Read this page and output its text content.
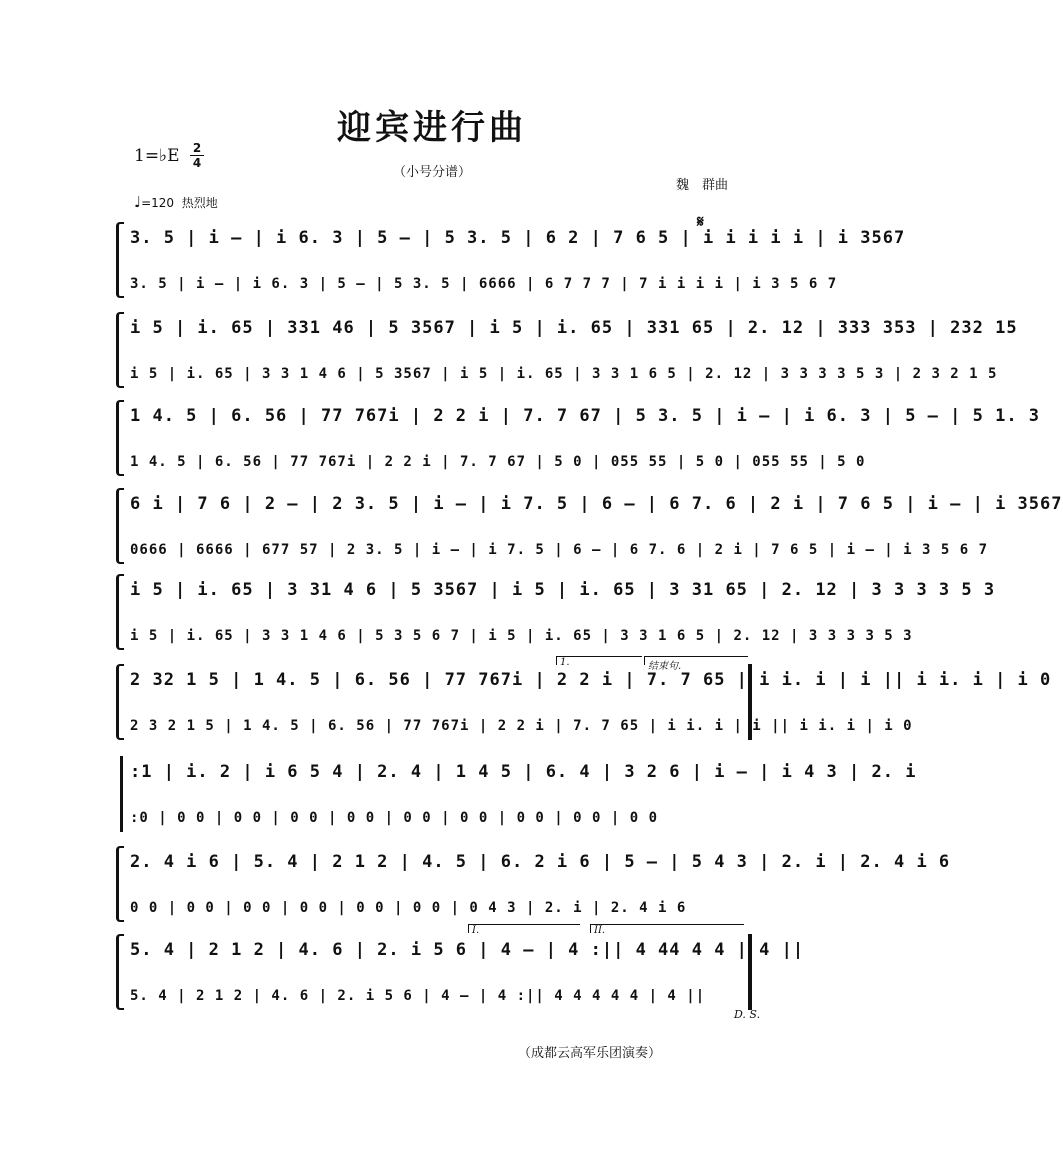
迎宾进行曲
1=♭E 2
4
（小号分谱）
魏　群曲
♩=120 热烈地
𝄋
3. 5 | i – | i 6. 3 | 5 – | 5 3. 5 | 6 2 | 7 6 5 | i i i i i | i 3567
3. 5 | i – | i 6. 3 | 5 – | 5 3. 5 | 6666 | 6 7 7 7 | 7 i i i i | i 3 5 6 7
i 5 | i. 65 | 331 46 | 5 3567 | i 5 | i. 65 | 331 65 | 2. 12 | 333 353 | 232 15
i 5 | i. 65 | 3 3 1 4 6 | 5 3567 | i 5 | i. 65 | 3 3 1 6 5 | 2. 12 | 3 3 3 3 5 3 | 2 3 2 1 5
1 4. 5 | 6. 56 | 77 767i | 2 2 i | 7. 7 67 | 5 3. 5 | i – | i 6. 3 | 5 – | 5 1. 3
1 4. 5 | 6. 56 | 77 767i | 2 2 i | 7. 7 67 | 5 0 | 055 55 | 5 0 | 055 55 | 5 0
6 i | 7 6 | 2 – | 2 3. 5 | i – | i 7. 5 | 6 – | 6 7. 6 | 2 i | 7 6 5 | i – | i 3567
0666 | 6666 | 677 57 | 2 3. 5 | i – | i 7. 5 | 6 – | 6 7. 6 | 2 i | 7 6 5 | i – | i 3 5 6 7
i 5 | i. 65 | 3 31 4 6 | 5 3567 | i 5 | i. 65 | 3 31 65 | 2. 12 | 3 3 3 3 5 3
i 5 | i. 65 | 3 3 1 4 6 | 5 3 5 6 7 | i 5 | i. 65 | 3 3 1 6 5 | 2. 12 | 3 3 3 3 5 3
1.	结束句.
2 32 1 5 | 1 4. 5 | 6. 56 | 77 767i | 2 2 i | 7. 7 65 | i i. i | i || i i. i | i 0
2 3 2 1 5 | 1 4. 5 | 6. 56 | 77 767i | 2 2 i | 7. 7 65 | i i. i | i || i i. i | i 0
:1 | i. 2 | i 6 5 4 | 2. 4 | 1 4 5 | 6. 4 | 3 2 6 | i – | i 4 3 | 2. i
:0 | 0 0 | 0 0 | 0 0 | 0 0 | 0 0 | 0 0 | 0 0 | 0 0 | 0 0
2. 4 i 6 | 5. 4 | 2 1 2 | 4. 5 | 6. 2 i 6 | 5 – | 5 4 3 | 2. i | 2. 4 i 6
0 0 | 0 0 | 0 0 | 0 0 | 0 0 | 0 0 | 0 4 3 | 2. i | 2. 4 i 6
I.	II.
5. 4 | 2 1 2 | 4. 6 | 2. i 5 6 | 4 – | 4 :|| 4 44 4 4 | 4 ||
5. 4 | 2 1 2 | 4. 6 | 2. i 5 6 | 4 – | 4 :|| 4 4 4 4 4 | 4 ||
D. S.
（成都云高军乐团演奏）
